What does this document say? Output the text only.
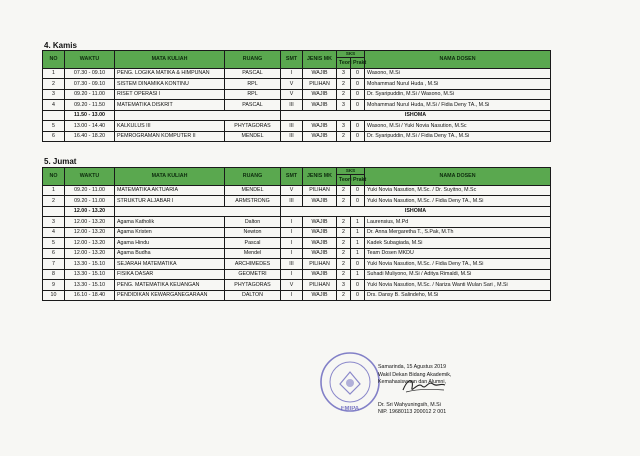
4. Kamis
NO	WAKTU	MATA KULIAH	RUANG	SMT	JENIS MK	SKS		NAMA DOSEN
						Teori	Prakt	
1	07.30 - 09.10	PENG. LOGIKA MATIKA & HIMPUNAN	PASCAL	I	WAJIB	3	0	Wasono, M.Si
2	07.30 - 09.10	SISTEM DINAMIKA KONTINU	RPL	V	PILIHAN	2	0	Mohammad Nurul Huda , M.Si
3	09.20 - 11.00	RISET OPERASI I	RPL	V	WAJIB	2	0	Dr. Syaripuddin, M.Si / Wasono, M.Si
4	09.20 - 11.50	MATEMATIKA DISKRIT	PASCAL	III	WAJIB	3	0	Mohammad Nurul Huda, M.Si / Fidia Deny TA., M.Si
	11.50 - 13.00			ISHOMA				
5	13.00 - 14.40	KALKULUS III	PHYTAGORAS	III	WAJIB	3	0	Wasono, M.Si / Yuki Novia Nasution, M.Sc
6	16.40 - 18.20	PEMROGRAMAN KOMPUTER II	MENDEL	III	WAJIB	2	0	Dr. Syaripuddin, M.Si / Fidia Deny TA., M.Si
5. Jumat
NO	WAKTU	MATA KULIAH	RUANG	SMT	JENIS MK	SKS		NAMA DOSEN
						Teori	Prakt	
1	09.20 - 11.00	MATEMATIKA AKTUARIA	MENDEL	V	PILIHAN	2	0	Yuki Novia Nasution, M.Sc. / Dr. Suyitno, M.Sc
2	09.20 - 11.00	STRUKTUR ALJABAR I	ARMSTRONG	III	WAJIB	2	0	Yuki Novia Nasution, M.Sc. / Fidia Deny TA., M.Si
	12.00 - 13.20			ISHOMA				
3	12.00 - 13.20	Agama Katholik	Dalton	I	WAJIB	2	1	Laurensius, M.Pd
4	12.00 - 13.20	Agama Kristen	Newton	I	WAJIB	2	1	Dr. Anna Mergaretha T., S.Pak, M.Th
5	12.00 - 13.20	Agama Hindu	Pascal	I	WAJIB	2	1	Kadek Subagiada, M.Si
6	12.00 - 13.20	Agama Budha	Mendel	I	WAJIB	2	1	Team Dosen MKDU
7	13.30 - 15.10	SEJARAH MATEMATIKA	ARCHIMEDES	III	PILIHAN	2	0	Yuki Novia Nasution, M.Sc. / Fidia Deny TA., M.Si
8	13.30 - 15.10	FISIKA DASAR	GEOMETRI	I	WAJIB	2	1	Suhadi Muliyono, M.Si / Aditya Rimaldi, M.Si
9	13.30 - 15.10	PENG. MATEMATIKA KEUANGAN	PHYTAGORAS	V	PILIHAN	3	0	Yuki Novia Nasution, M.Sc. / Nariza Wanti Wulan Sari , M.Si
10	16.10 - 18.40	PENDIDIKAN KEWARGANEGARAAN	DALTON	I	WAJIB	2	0	Drs. Dansy B. Salindeho, M.Si
FMIPA
Samarinda, 15 Agustus 2019
Wakil Dekan Bidang Akademik,
Kemahasiswaan dan Alumni,
Dr. Sri Wahyuningsih, M.Si
NIP. 19680113 200012 2 001
